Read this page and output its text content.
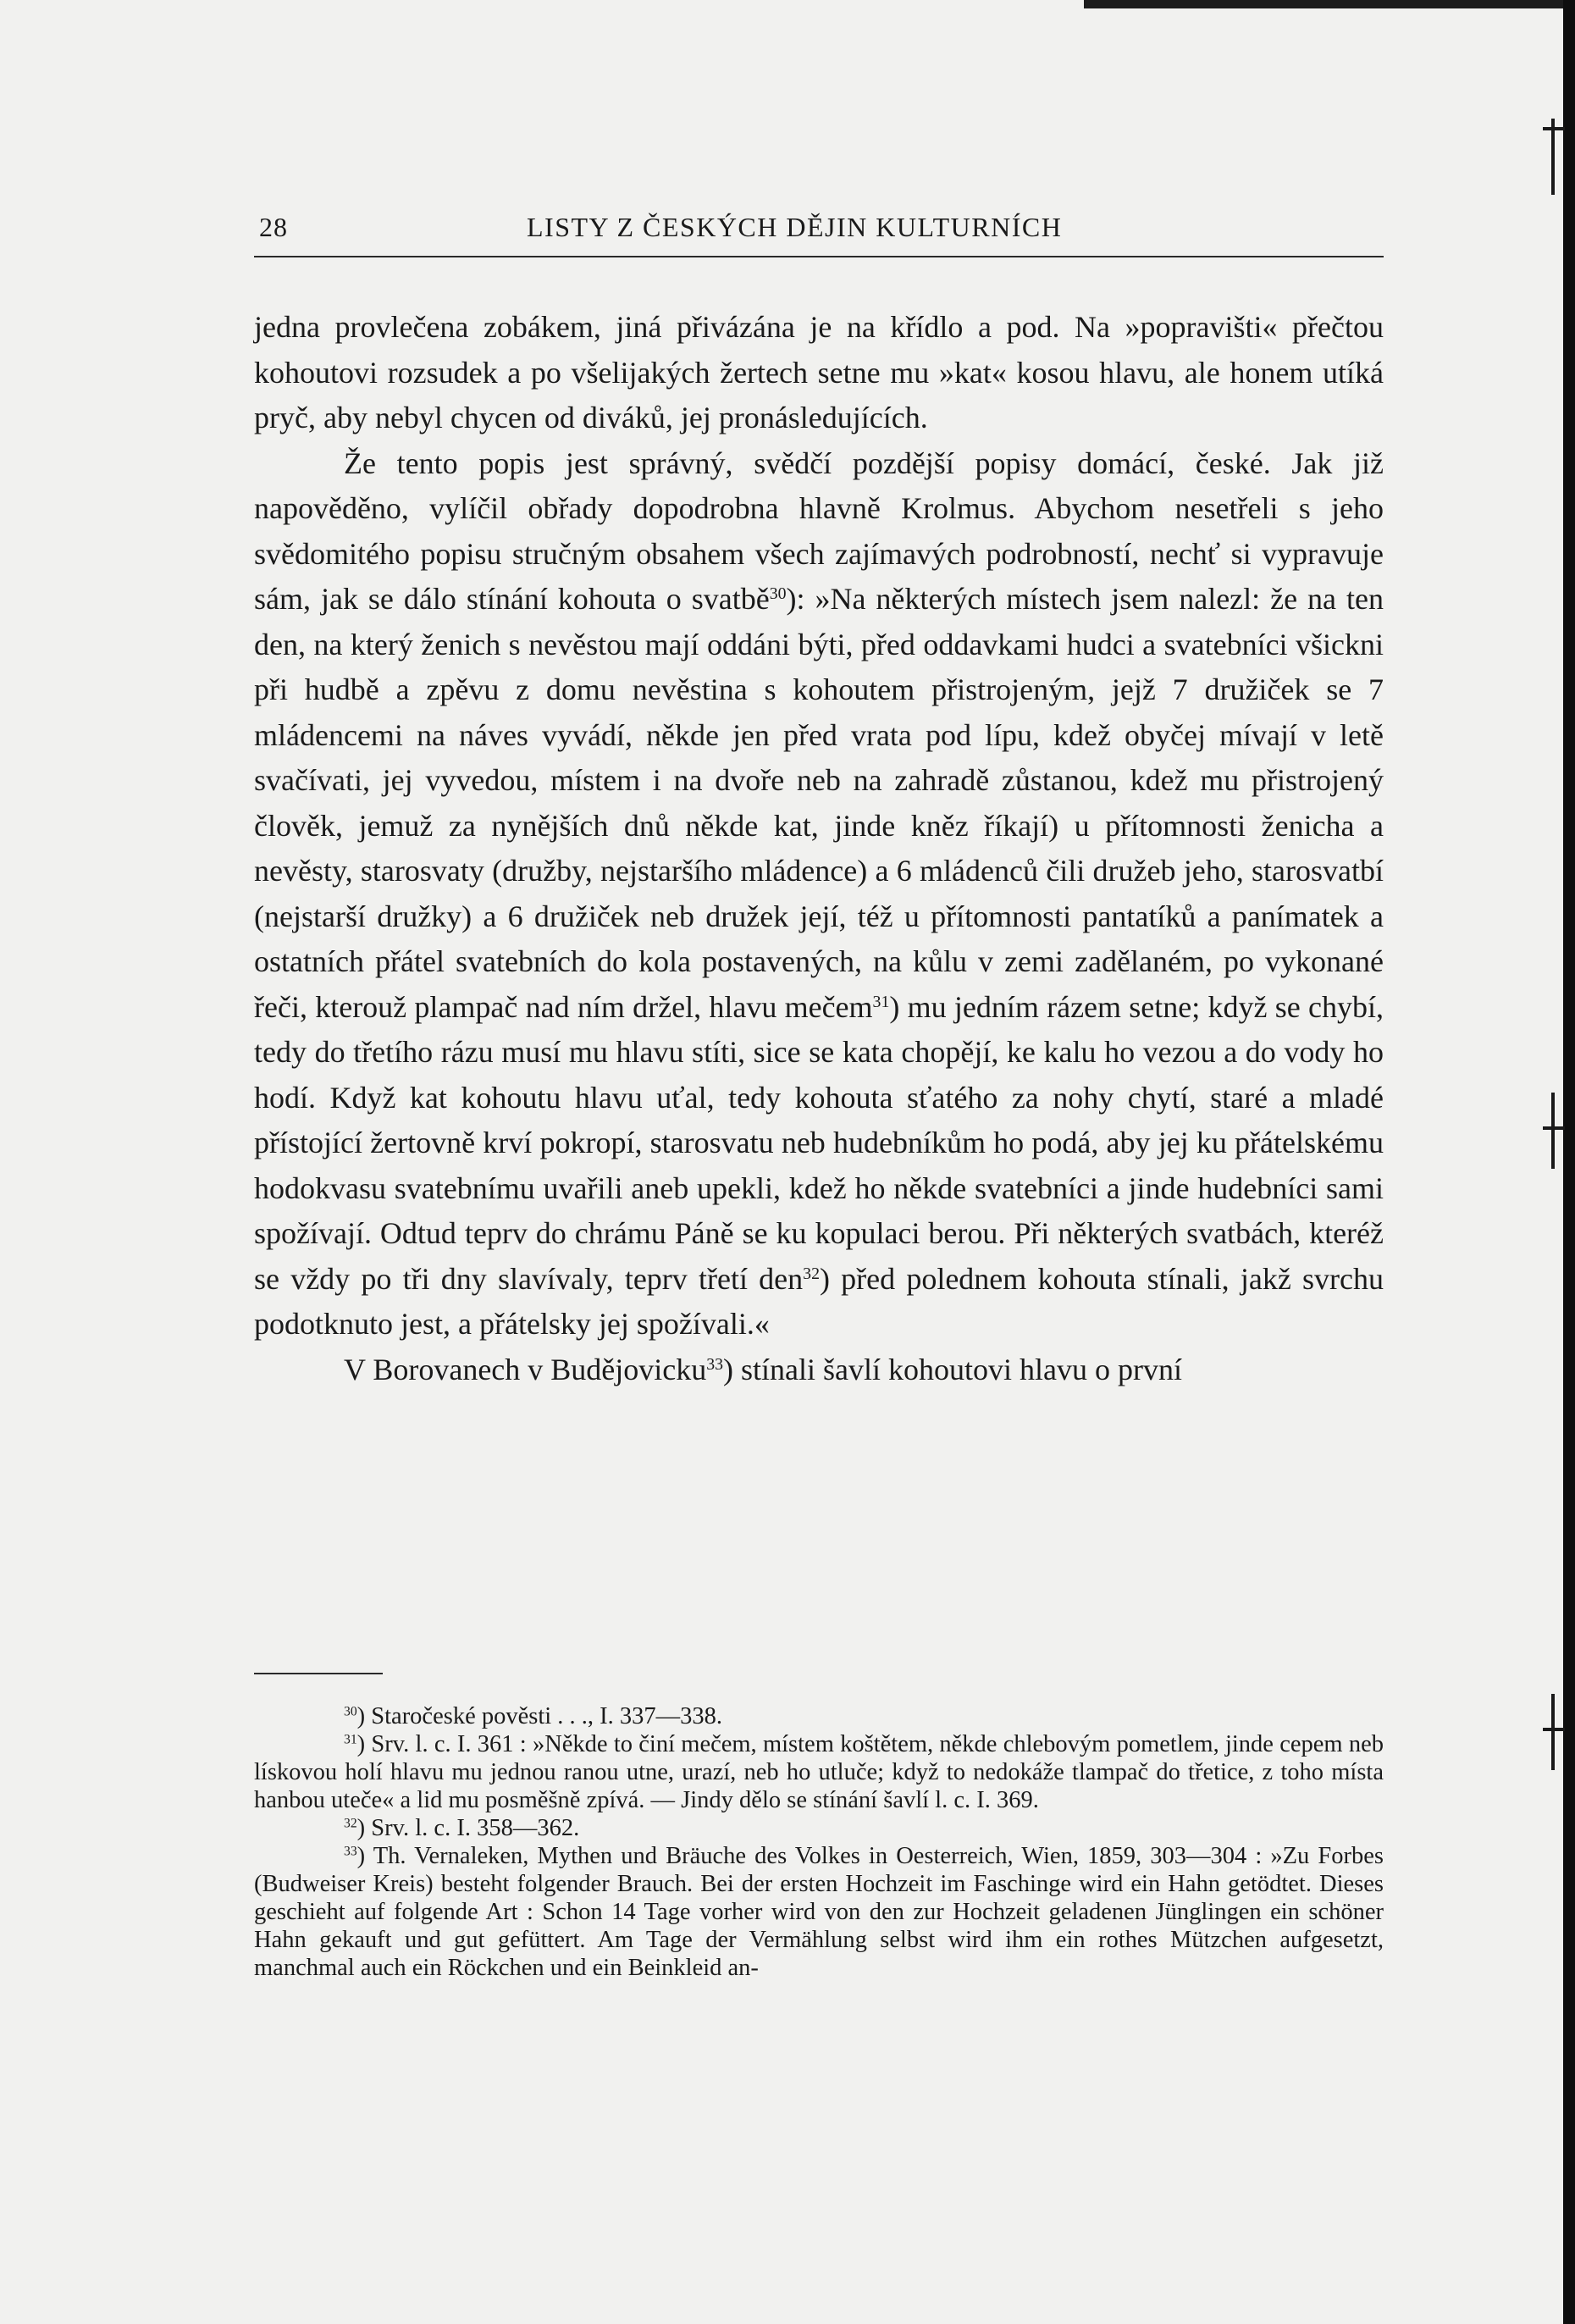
28	LISTY Z ČESKÝCH DĚJIN KULTURNÍCH

jedna provlečena zobákem, jiná přivázána je na křídlo a pod. Na »popravišti« přečtou kohoutovi rozsudek a po všelijakých žertech setne mu »kat« kosou hlavu, ale honem utíká pryč, aby nebyl chycen od diváků, jej pronásledujících.

Že tento popis jest správný, svědčí pozdější popisy domácí, české. Jak již napověděno, vylíčil obřady dopodrobna hlavně Krolmus. Abychom nesetřeli s jeho svědomitého popisu stručným obsahem všech zajímavých podrobností, nechť si vypravuje sám, jak se dálo stínání kohouta o svatbě$^{30}$): »Na některých místech jsem nalezl: že na ten den, na který ženich s nevěstou mají oddáni býti, před oddavkami hudci a svatebníci všickni při hudbě a zpěvu z domu nevěstina s kohoutem přistrojeným, jejž 7 družiček se 7 mládencemi na náves vyvádí, někde jen před vrata pod lípu, kdež obyčej mívají v letě svačívati, jej vyvedou, místem i na dvoře neb na zahradě zůstanou, kdež mu přistrojený člověk, jemuž za nynějších dnů někde kat, jinde kněz říkají) u přítomnosti ženicha a nevěsty, starosvaty (družby, nejstaršího mládence) a 6 mládenců čili družeb jeho, starosvatbí (nejstarší družky) a 6 družiček neb družek její, též u přítomnosti pantatíků a panímatek a ostatních přátel svatebních do kola postavených, na kůlu v zemi zadělaném, po vykonané řeči, kterouž plampač nad ním držel, hlavu mečem$^{31}$) mu jedním rázem setne; když se chybí, tedy do třetího rázu musí mu hlavu stíti, sice se kata chopějí, ke kalu ho vezou a do vody ho hodí. Když kat kohoutu hlavu uťal, tedy kohouta sťatého za nohy chytí, staré a mladé přístojící žertovně krví pokropí, starosvatu neb hudebníkům ho podá, aby jej ku přátelskému hodokvasu svatebnímu uvařili aneb upekli, kdež ho někde svatebníci a jinde hudebníci sami spožívají. Odtud teprv do chrámu Páně se ku kopulaci berou. Při některých svatbách, kteréž se vždy po tři dny slavívaly, teprv třetí den$^{32}$) před polednem kohouta stínali, jakž svrchu podotknuto jest, a přátelsky jej spožívali.«

V Borovanech v Budějovicku$^{33}$) stínali šavlí kohoutovi hlavu o první

$^{30}$) Staročeské pověsti . . ., I. 337—338.

$^{31}$) Srv. l. c. I. 361 : »Někde to činí mečem, místem koštětem, někde chlebovým pometlem, jinde cepem neb lískovou holí hlavu mu jednou ranou utne, urazí, neb ho utluče; když to nedokáže tlampač do třetice, z toho místa hanbou uteče« a lid mu posměšně zpívá. — Jindy dělo se stínání šavlí l. c. I. 369.

$^{32}$) Srv. l. c. I. 358—362.

$^{33}$) Th. Vernaleken, Mythen und Bräuche des Volkes in Oesterreich, Wien, 1859, 303—304 : »Zu Forbes (Budweiser Kreis) besteht folgender Brauch. Bei der ersten Hochzeit im Faschinge wird ein Hahn getödtet. Dieses geschieht auf folgende Art : Schon 14 Tage vorher wird von den zur Hochzeit geladenen Jünglingen ein schöner Hahn gekauft und gut gefüttert. Am Tage der Vermählung selbst wird ihm ein rothes Mützchen aufgesetzt, manchmal auch ein Röckchen und ein Beinkleid an-
